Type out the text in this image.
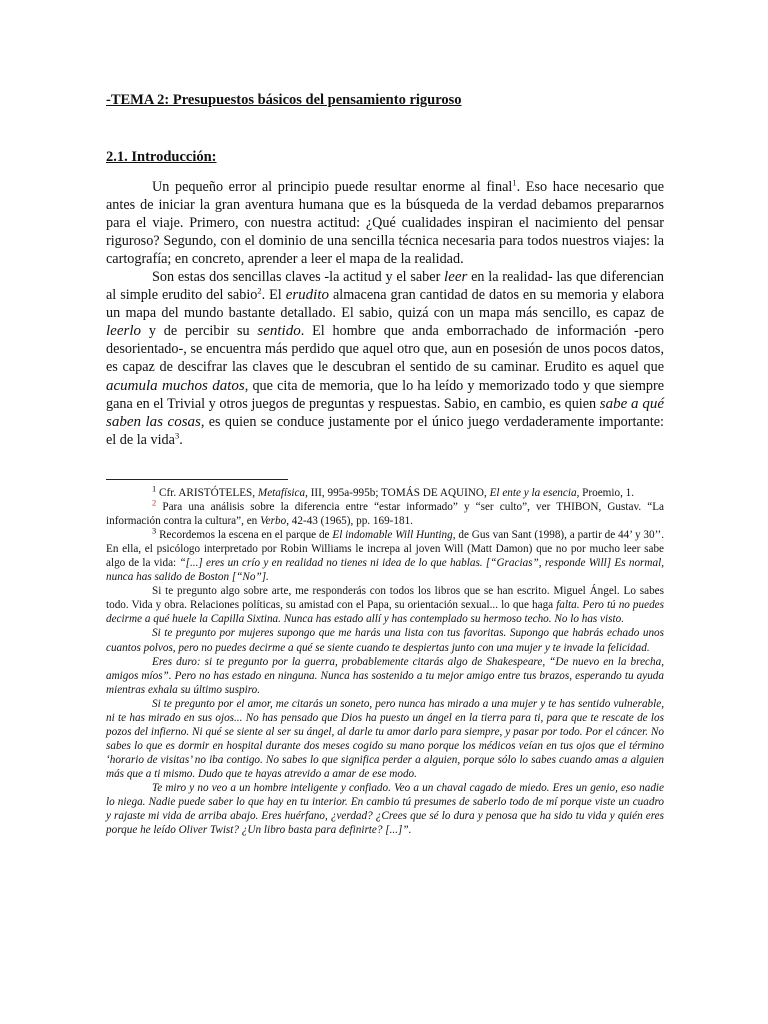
-TEMA 2: Presupuestos básicos del pensamiento riguroso
2.1. Introducción:

Un pequeño error al principio puede resultar enorme al final$^1$. Eso hace necesario que antes de iniciar la gran aventura humana que es la búsqueda de la verdad debamos prepararnos para el viaje. Primero, con nuestra actitud: ¿Qué cualidades inspiran el nacimiento del pensar riguroso? Segundo, con el dominio de una sencilla técnica necesaria para todos nuestros viajes: la cartografía; en concreto, aprender a leer el mapa de la realidad.

Son estas dos sencillas claves -la actitud y el saber leer en la realidad- las que diferencian al simple erudito del sabio$^2$. El erudito almacena gran cantidad de datos en su memoria y elabora un mapa del mundo bastante detallado. El sabio, quizá con un mapa más sencillo, es capaz de leerlo y de percibir su sentido. El hombre que anda emborrachado de información -pero desorientado-, se encuentra más perdido que aquel otro que, aun en posesión de unos pocos datos, es capaz de descifrar las claves que le descubran el sentido de su caminar. Erudito es aquel que acumula muchos datos, que cita de memoria, que lo ha leído y memorizado todo y que siempre gana en el Trivial y otros juegos de preguntas y respuestas. Sabio, en cambio, es quien sabe a qué saben las cosas, es quien se conduce justamente por el único juego verdaderamente importante: el de la vida$^3$.

$^1$ Cfr. ARISTÓTELES, Metafísica, III, 995a-995b; TOMÁS DE AQUINO, El ente y la esencia, Proemio, 1.

$^2$ Para una análisis sobre la diferencia entre “estar informado” y “ser culto”, ver THIBON, Gustav. “La información contra la cultura”, en Verbo, 42-43 (1965), pp. 169-181.

$^3$ Recordemos la escena en el parque de El indomable Will Hunting, de Gus van Sant (1998), a partir de 44’ y 30’’. En ella, el psicólogo interpretado por Robin Williams le increpa al joven Will (Matt Damon) que no por mucho leer sabe algo de la vida: “[...] eres un crío y en realidad no tienes ni idea de lo que hablas. [“Gracias”, responde Will] Es normal, nunca has salido de Boston [“No”].

Si te pregunto algo sobre arte, me responderás con todos los libros que se han escrito. Miguel Ángel. Lo sabes todo. Vida y obra. Relaciones políticas, su amistad con el Papa, su orientación sexual... lo que haga falta. Pero tú no puedes decirme a qué huele la Capilla Sixtina. Nunca has estado allí y has contemplado su hermoso techo. No lo has visto.

Si te pregunto por mujeres supongo que me harás una lista con tus favoritas. Supongo que habrás echado unos cuantos polvos, pero no puedes decirme a qué se siente cuando te despiertas junto con una mujer y te invade la felicidad.

Eres duro: si te pregunto por la guerra, probablemente citarás algo de Shakespeare, “De nuevo en la brecha, amigos míos”. Pero no has estado en ninguna. Nunca has sostenido a tu mejor amigo entre tus brazos, esperando tu ayuda mientras exhala su último suspiro.

Si te pregunto por el amor, me citarás un soneto, pero nunca has mirado a una mujer y te has sentido vulnerable, ni te has mirado en sus ojos... No has pensado que Dios ha puesto un ángel en la tierra para ti, para que te rescate de los pozos del infierno. Ni qué se siente al ser su ángel, al darle tu amor darlo para siempre, y pasar por todo. Por el cáncer. No sabes lo que es dormir en hospital durante dos meses cogido su mano porque los médicos veían en tus ojos que el término ‘horario de visitas’ no iba contigo. No sabes lo que significa perder a alguien, porque sólo lo sabes cuando amas a alguien más que a ti mismo. Dudo que te hayas atrevido a amar de ese modo.

Te miro y no veo a un hombre inteligente y confiado. Veo a un chaval cagado de miedo. Eres un genio, eso nadie lo niega. Nadie puede saber lo que hay en tu interior. En cambio tú presumes de saberlo todo de mí porque viste un cuadro y rajaste mi vida de arriba abajo. Eres huérfano, ¿verdad? ¿Crees que sé lo dura y penosa que ha sido tu vida y quién eres porque he leído Oliver Twist? ¿Un libro basta para definirte? [...]”.
